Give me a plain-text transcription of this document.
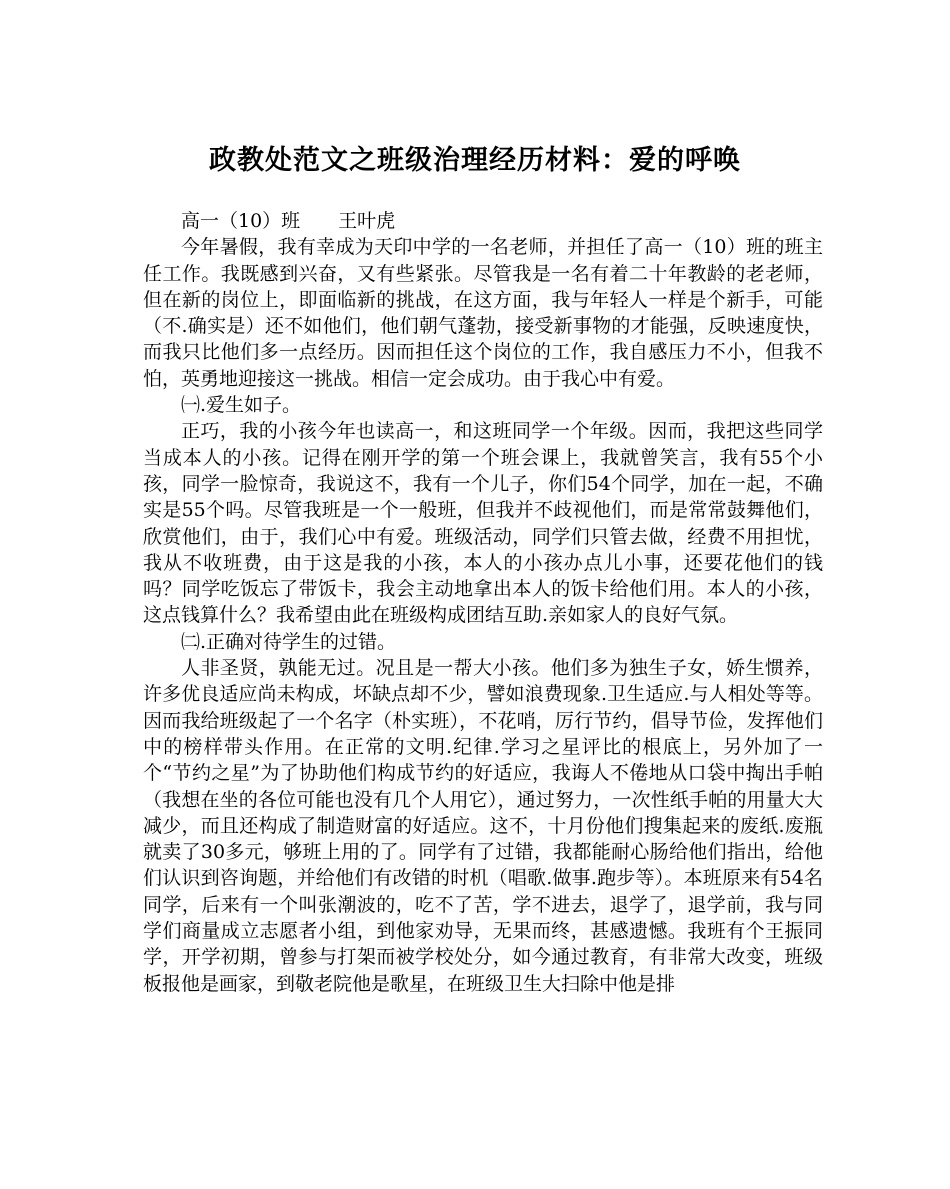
政教处范文之班级治理经历材料：爱的呼唤

高一（10）班　　王叶虎

今年暑假，我有幸成为天印中学的一名老师，并担任了高一（10）班的班主任工作。我既感到兴奋，又有些紧张。尽管我是一名有着二十年教龄的老老师，但在新的岗位上，即面临新的挑战，在这方面，我与年轻人一样是个新手，可能（不.确实是）还不如他们，他们朝气蓬勃，接受新事物的才能强，反映速度快，而我只比他们多一点经历。因而担任这个岗位的工作，我自感压力不小，但我不怕，英勇地迎接这一挑战。相信一定会成功。由于我心中有爱。

㈠.爱生如子。

正巧，我的小孩今年也读高一，和这班同学一个年级。因而，我把这些同学当成本人的小孩。记得在刚开学的第一个班会课上，我就曾笑言，我有55个小孩，同学一脸惊奇，我说这不，我有一个儿子，你们54个同学，加在一起，不确实是55个吗。尽管我班是一个一般班，但我并不歧视他们，而是常常鼓舞他们，欣赏他们，由于，我们心中有爱。班级活动，同学们只管去做，经费不用担忧，我从不收班费，由于这是我的小孩，本人的小孩办点儿小事，还要花他们的钱吗？同学吃饭忘了带饭卡，我会主动地拿出本人的饭卡给他们用。本人的小孩，这点钱算什么？我希望由此在班级构成团结互助.亲如家人的良好气氛。

㈡.正确对待学生的过错。

人非圣贤，孰能无过。况且是一帮大小孩。他们多为独生子女，娇生惯养，许多优良适应尚未构成，坏缺点却不少，譬如浪费现象.卫生适应.与人相处等等。因而我给班级起了一个名字（朴实班），不花哨，厉行节约，倡导节俭，发挥他们中的榜样带头作用。在正常的文明.纪律.学习之星评比的根底上，另外加了一个“节约之星”为了协助他们构成节约的好适应，我诲人不倦地从口袋中掏出手帕（我想在坐的各位可能也没有几个人用它），通过努力，一次性纸手帕的用量大大减少，而且还构成了制造财富的好适应。这不，十月份他们搜集起来的废纸.废瓶就卖了30多元，够班上用的了。同学有了过错，我都能耐心肠给他们指出，给他们认识到咨询题，并给他们有改错的时机（唱歌.做事.跑步等）。本班原来有54名同学，后来有一个叫张潮波的，吃不了苦，学不进去，退学了，退学前，我与同学们商量成立志愿者小组，到他家劝导，无果而终，甚感遗憾。我班有个王振同学，开学初期，曾参与打架而被学校处分，如今通过教育，有非常大改变，班级板报他是画家，到敬老院他是歌星，在班级卫生大扫除中他是排
